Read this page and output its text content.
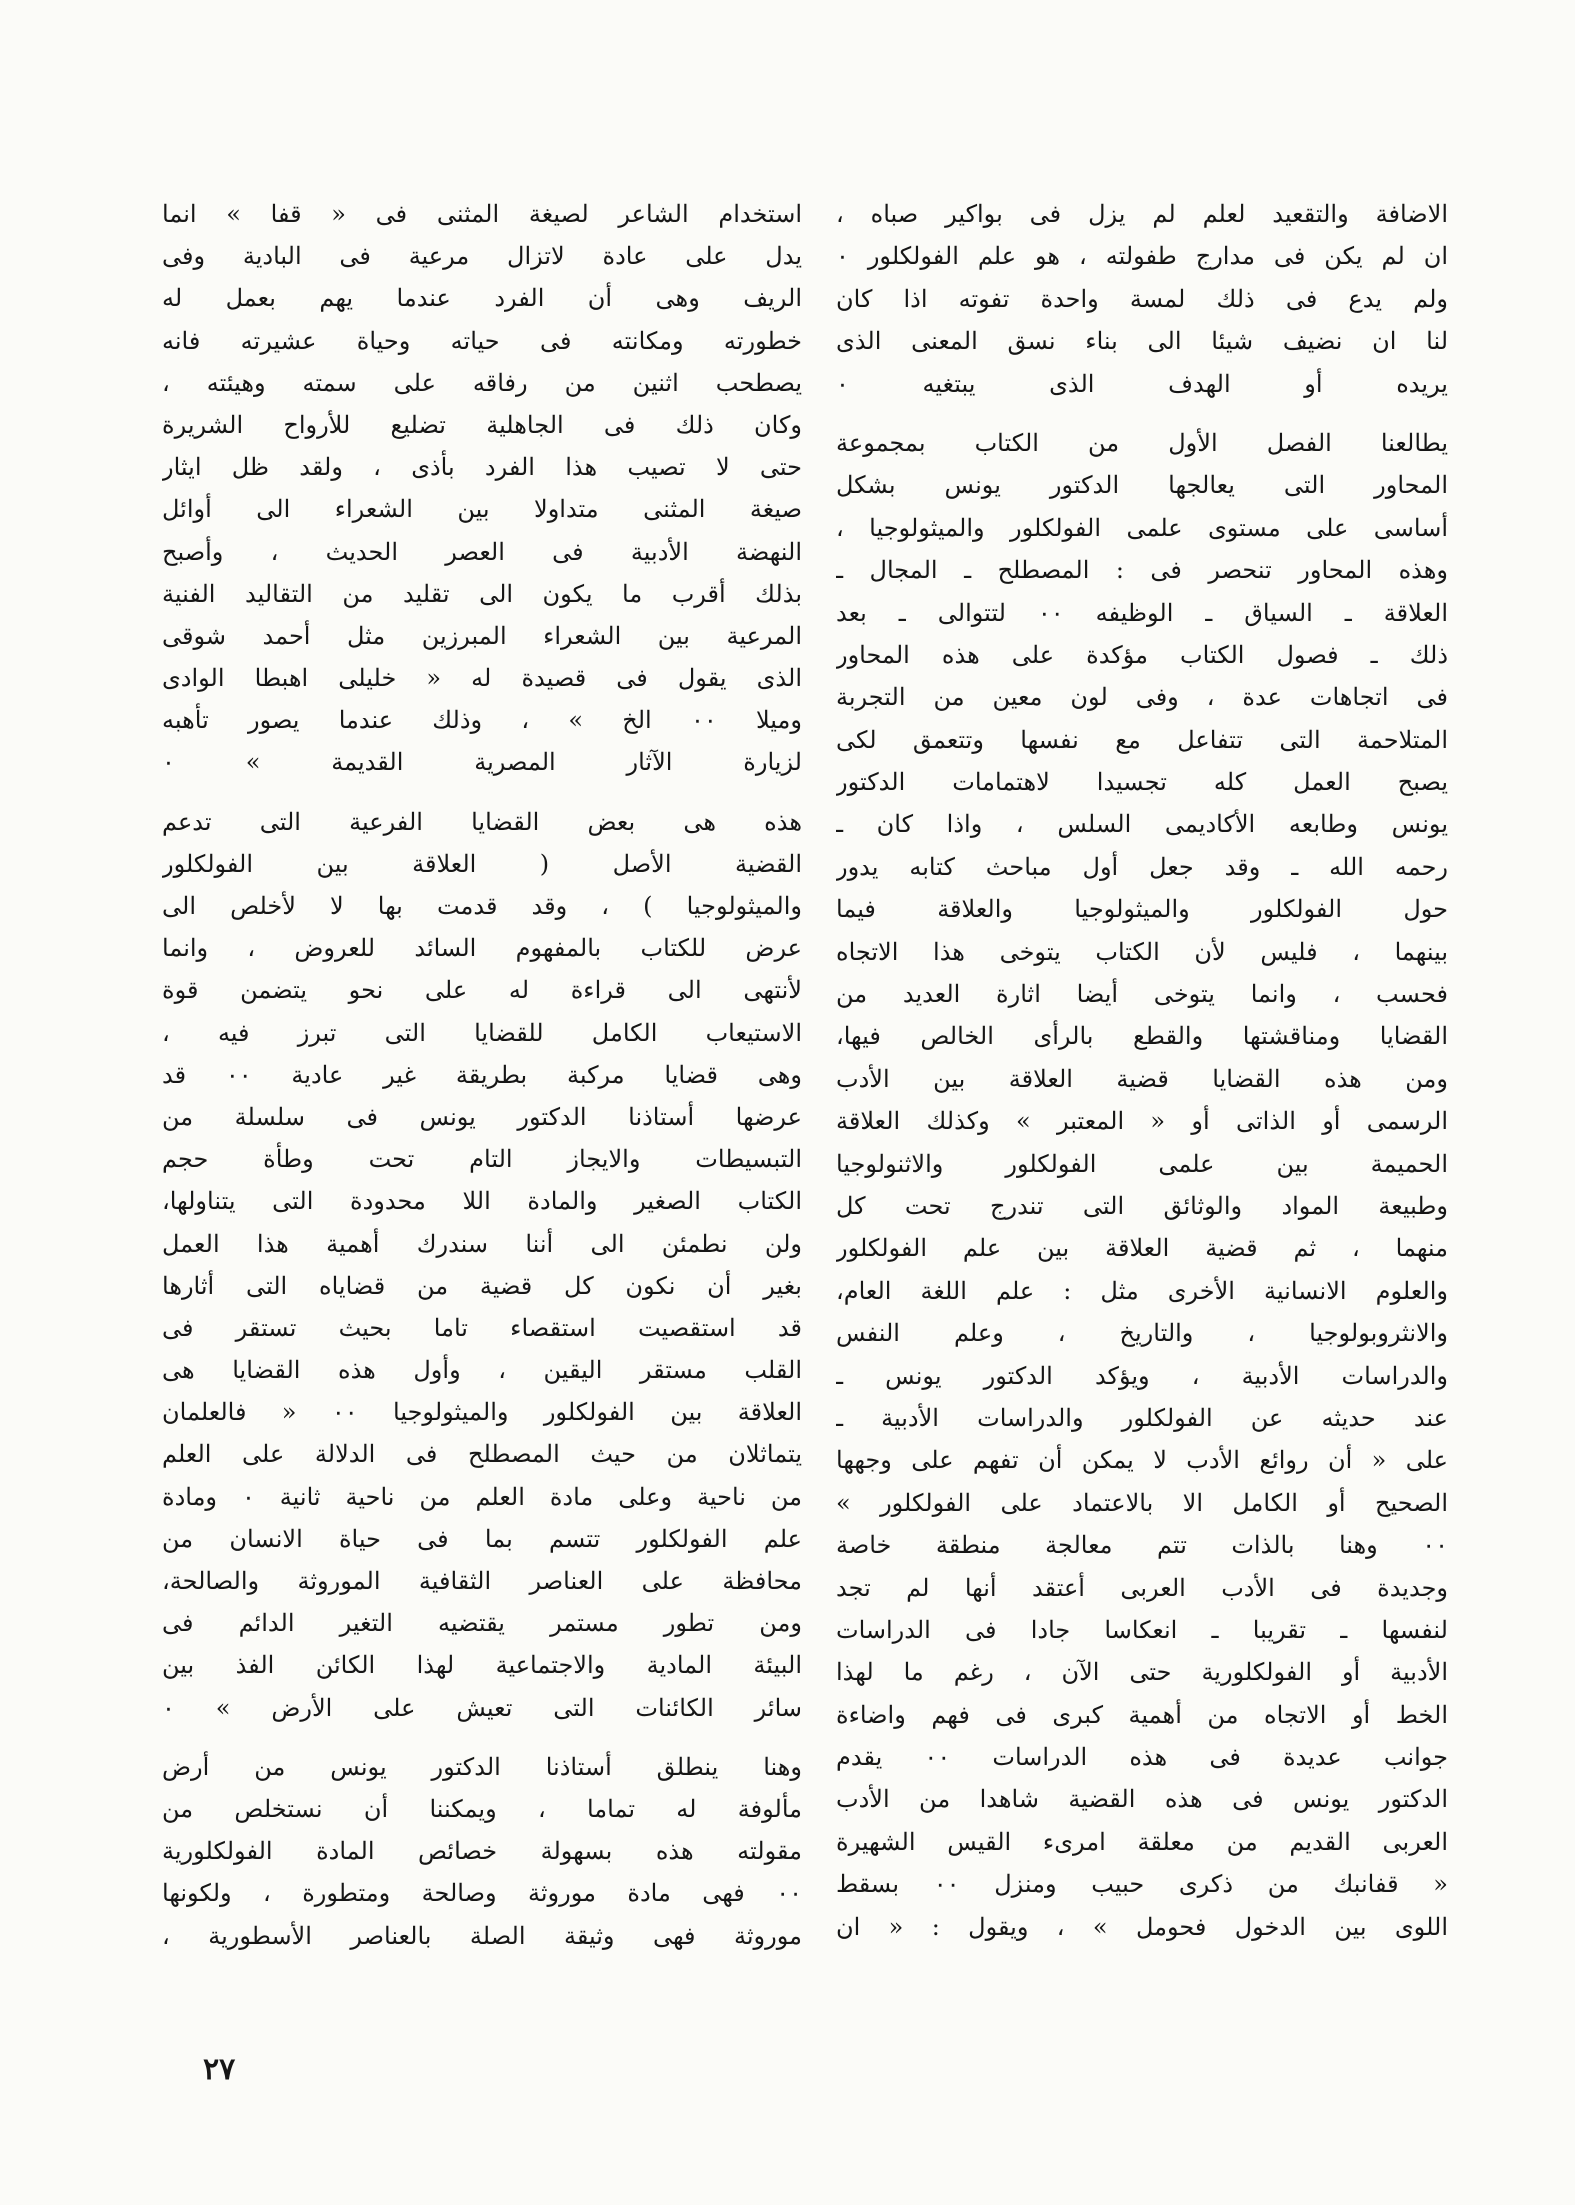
الاضافة والتقعيد لعلم لم يزل فى بواكير صباه ،
ان لم يكن فى مدارج طفولته ، هو علم الفولكلور ٠
ولم يدع فى ذلك لمسة واحدة تفوته اذا كان
لنا ان نضيف شيئا الى بناء نسق المعنى الذى
يريده أو الهدف الذى يبتغيه ٠
يطالعنا الفصل الأول من الكتاب بمجموعة
المحاور التى يعالجها الدكتور يونس بشكل
أساسى على مستوى علمى الفولكلور والميثولوجيا ،
وهذه المحاور تنحصر فى : المصطلح ـ المجال ـ
العلاقة ـ السياق ـ الوظيفه ٠٠ لتتوالى ـ بعد
ذلك ـ فصول الكتاب مؤكدة على هذه المحاور
فى اتجاهات عدة ، وفى لون معين من التجربة
المتلاحمة التى تتفاعل مع نفسها وتتعمق لكى
يصبح العمل كله تجسيدا لاهتمامات الدكتور
يونس وطابعه الأكاديمى السلس ، واذا كان ـ
رحمه الله ـ وقد جعل أول مباحث كتابه يدور
حول الفولكلور والميثولوجيا والعلاقة فيما
بينهما ، فليس لأن الكتاب يتوخى هذا الاتجاه
فحسب ، وانما يتوخى أيضا اثارة العديد من
القضايا ومناقشتها والقطع بالرأى الخالص فيها،
ومن هذه القضايا قضية العلاقة بين الأدب
الرسمى أو الذاتى أو « المعتبر » وكذلك العلاقة
الحميمة بين علمى الفولكلور والاثنولوجيا
وطبيعة المواد والوثائق التى تندرج تحت كل
منهما ، ثم قضية العلاقة بين علم الفولكلور
والعلوم الانسانية الأخرى مثل : علم اللغة العام،
والانثروبولوجيا ، والتاريخ ، وعلم النفس
والدراسات الأدبية ، ويؤكد الدكتور يونس ـ
عند حديثه عن الفولكلور والدراسات الأدبية ـ
على « أن روائع الأدب لا يمكن أن تفهم على وجهها
الصحيح أو الكامل الا بالاعتماد على الفولكلور »
٠٠ وهنا بالذات تتم معالجة منطقة خاصة
وجديدة فى الأدب العربى أعتقد أنها لم تجد
لنفسها ـ تقريبا ـ انعكاسا جادا فى الدراسات
الأدبية أو الفولكلورية حتى الآن ، رغم ما لهذا
الخط أو الاتجاه من أهمية كبرى فى فهم واضاءة
جوانب عديدة فى هذه الدراسات ٠٠ يقدم
الدكتور يونس فى هذه القضية شاهدا من الأدب
العربى القديم من معلقة امرىء القيس الشهيرة
« قفانبك من ذكرى حبيب ومنزل ٠٠ بسقط
اللوى بين الدخول فحومل » ، ويقول : « ان
استخدام الشاعر لصيغة المثنى فى « قفا » انما
يدل على عادة لاتزال مرعية فى البادية وفى
الريف وهى أن الفرد عندما يهم بعمل له
خطورته ومكانته فى حياته وحياة عشيرته فانه
يصطحب اثنين من رفاقه على سمته وهيئته ،
وكان ذلك فى الجاهلية تضليع للأرواح الشريرة
حتى لا تصيب هذا الفرد بأذى ، ولقد ظل ايثار
صيغة المثنى متداولا بين الشعراء الى أوائل
النهضة الأدبية فى العصر الحديث ، وأصبح
بذلك أقرب ما يكون الى تقليد من التقاليد الفنية
المرعية بين الشعراء المبرزين مثل أحمد شوقى
الذى يقول فى قصيدة له « خليلى اهبطا الوادى
وميلا ٠٠ الخ » ، وذلك عندما يصور تأهبه
لزيارة الآثار المصرية القديمة » ٠
هذه هى بعض القضايا الفرعية التى تدعم
القضية الأصل ( العلاقة بين الفولكلور
والميثولوجيا ) ، وقد قدمت بها لا لأخلص الى
عرض للكتاب بالمفهوم السائد للعروض ، وانما
لأنتهى الى قراءة له على نحو يتضمن قوة
الاستيعاب الكامل للقضايا التى تبرز فيه ،
وهى قضايا مركبة بطريقة غير عادية ٠٠ قد
عرضها أستاذنا الدكتور يونس فى سلسلة من
التبسيطات والايجاز التام تحت وطأة حجم
الكتاب الصغير والمادة اللا محدودة التى يتناولها،
ولن نطمئن الى أننا سندرك أهمية هذا العمل
بغير أن نكون كل قضية من قضاياه التى أثارها
قد استقصيت استقصاء تاما بحيث تستقر فى
القلب مستقر اليقين ، وأول هذه القضايا هى
العلاقة بين الفولكلور والميثولوجيا ٠٠ « فالعلمان
يتماثلان من حيث المصطلح فى الدلالة على العلم
من ناحية وعلى مادة العلم من ناحية ثانية ٠ ومادة
علم الفولكلور تتسم بما فى حياة الانسان من
محافظة على العناصر الثقافية الموروثة والصالحة،
ومن تطور مستمر يقتضيه التغير الدائم فى
البيئة المادية والاجتماعية لهذا الكائن الفذ بين
سائر الكائنات التى تعيش على الأرض » ٠
وهنا ينطلق أستاذنا الدكتور يونس من أرض
مألوفة له تماما ، ويمكننا أن نستخلص من
مقولته هذه بسهولة خصائص المادة الفولكلورية
٠٠ فهى مادة موروثة وصالحة ومتطورة ، ولكونها
موروثة فهى وثيقة الصلة بالعناصر الأسطورية ،
٢٧
